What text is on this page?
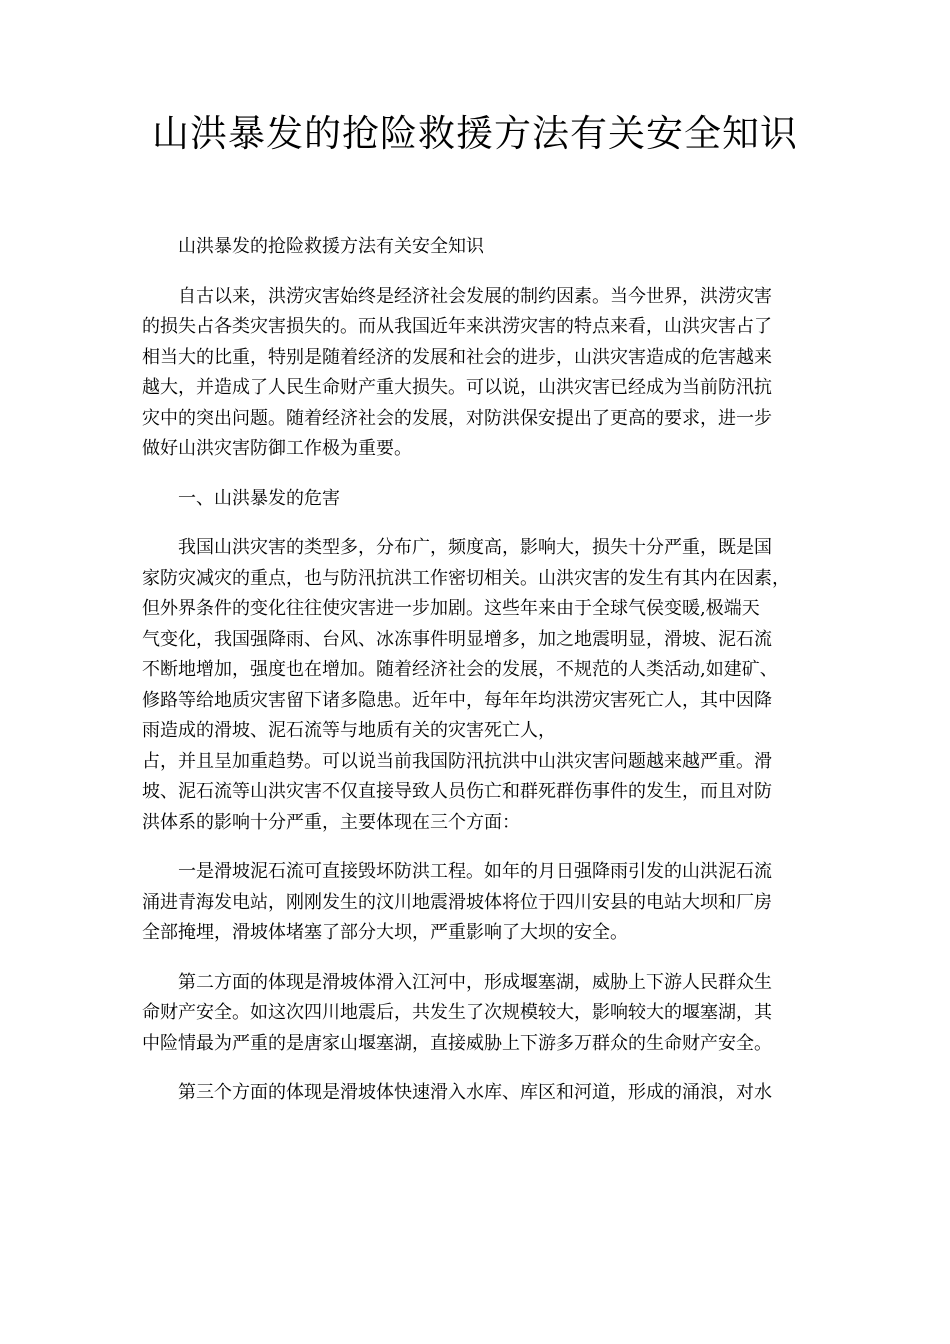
山洪暴发的抢险救援方法有关安全知识

山洪暴发的抢险救援方法有关安全知识

自古以来，洪涝灾害始终是经济社会发展的制约因素。当今世界，洪涝灾害
的损失占各类灾害损失的。而从我国近年来洪涝灾害的特点来看，山洪灾害占了
相当大的比重，特别是随着经济的发展和社会的进步，山洪灾害造成的危害越来
越大，并造成了人民生命财产重大损失。可以说，山洪灾害已经成为当前防汛抗
灾中的突出问题。随着经济社会的发展，对防洪保安提出了更高的要求，进一步
做好山洪灾害防御工作极为重要。

一、山洪暴发的危害

我国山洪灾害的类型多，分布广，频度高，影响大，损失十分严重，既是国
家防灾减灾的重点，也与防汛抗洪工作密切相关。山洪灾害的发生有其内在因素，
但外界条件的变化往往使灾害进一步加剧。这些年来由于全球气侯变暖,极端天
气变化，我国强降雨、台风、冰冻事件明显增多，加之地震明显，滑坡、泥石流
不断地增加，强度也在增加。随着经济社会的发展，不规范的人类活动,如建矿、
修路等给地质灾害留下诸多隐患。近年中，每年年均洪涝灾害死亡人，其中因降
雨造成的滑坡、泥石流等与地质有关的灾害死亡人，
占，并且呈加重趋势。可以说当前我国防汛抗洪中山洪灾害问题越来越严重。滑
坡、泥石流等山洪灾害不仅直接导致人员伤亡和群死群伤事件的发生，而且对防
洪体系的影响十分严重，主要体现在三个方面：

一是滑坡泥石流可直接毁坏防洪工程。如年的月日强降雨引发的山洪泥石流
涌进青海发电站，刚刚发生的汶川地震滑坡体将位于四川安县的电站大坝和厂房
全部掩埋，滑坡体堵塞了部分大坝，严重影响了大坝的安全。

第二方面的体现是滑坡体滑入江河中，形成堰塞湖，威胁上下游人民群众生
命财产安全。如这次四川地震后，共发生了次规模较大，影响较大的堰塞湖，其
中险情最为严重的是唐家山堰塞湖，直接威胁上下游多万群众的生命财产安全。

第三个方面的体现是滑坡体快速滑入水库、库区和河道，形成的涌浪，对水
